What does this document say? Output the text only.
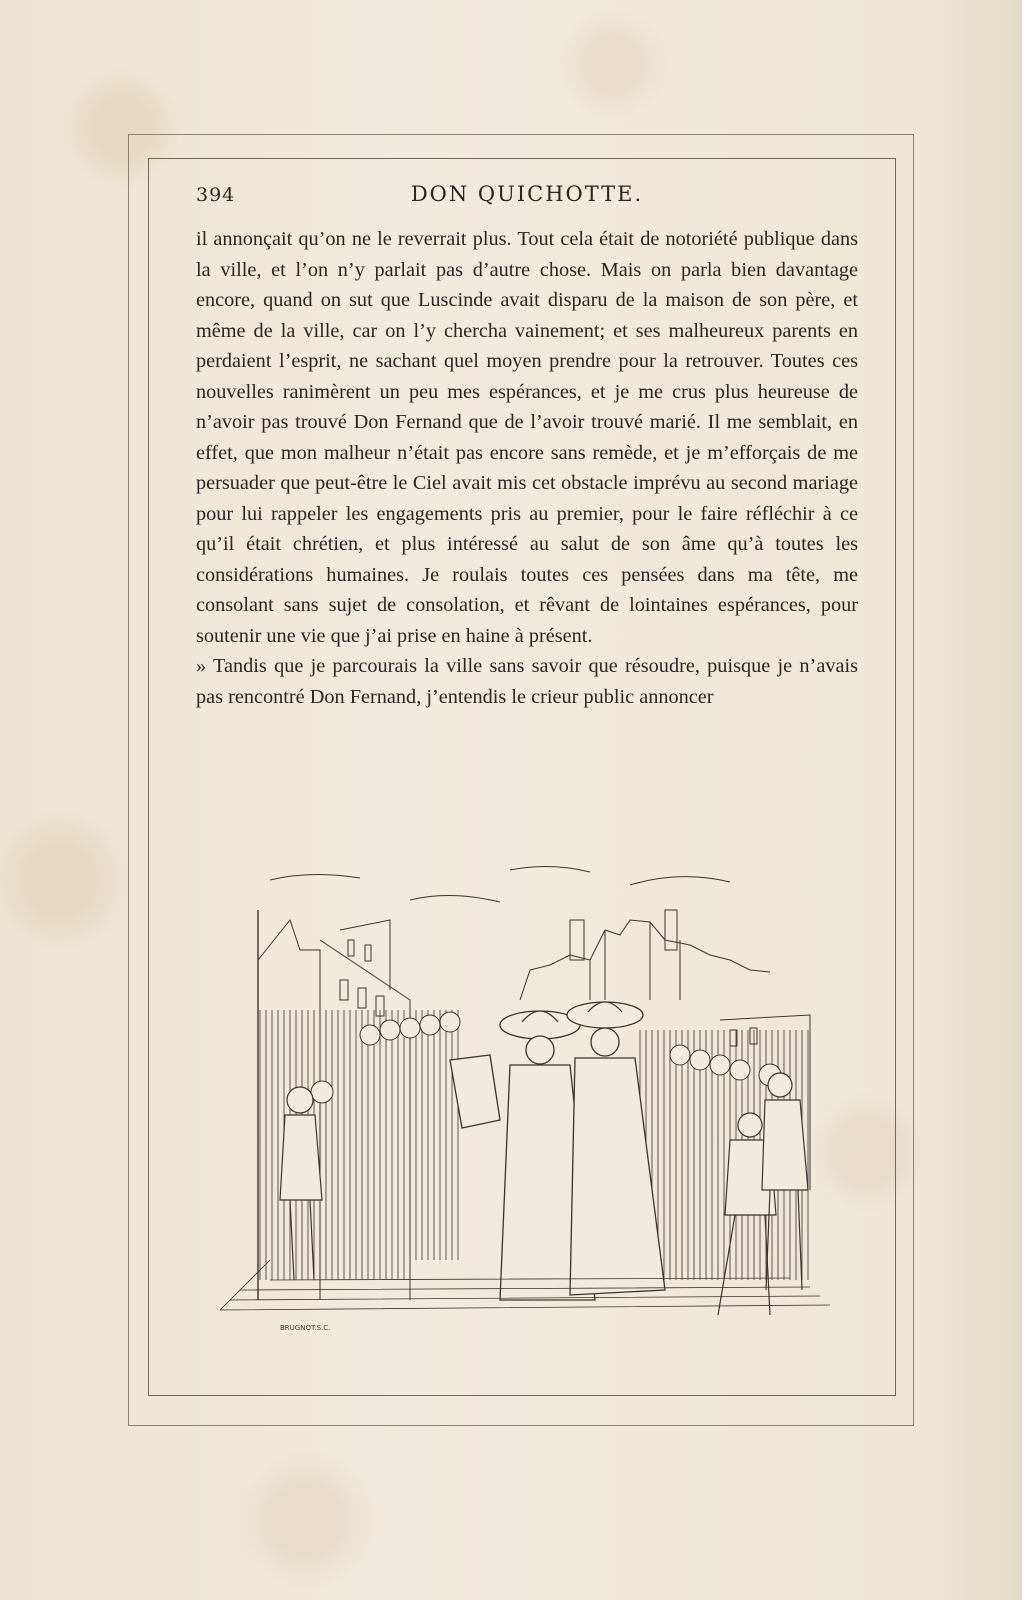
394	DON QUICHOTTE.

il annonçait qu’on ne le reverrait plus. Tout cela était de notoriété publique dans la ville, et l’on n’y parlait pas d’autre chose. Mais on parla bien davantage encore, quand on sut que Luscinde avait disparu de la maison de son père, et même de la ville, car on l’y chercha vainement; et ses malheureux parents en perdaient l’esprit, ne sachant quel moyen prendre pour la retrouver. Toutes ces nouvelles ranimèrent un peu mes espérances, et je me crus plus heureuse de n’avoir pas trouvé Don Fernand que de l’avoir trouvé marié. Il me semblait, en effet, que mon malheur n’était pas encore sans remède, et je m’efforçais de me persuader que peut-être le Ciel avait mis cet obstacle imprévu au second mariage pour lui rappeler les engagements pris au premier, pour le faire réfléchir à ce qu’il était chrétien, et plus intéressé au salut de son âme qu’à toutes les considérations humaines. Je roulais toutes ces pensées dans ma tête, me consolant sans sujet de consolation, et rêvant de lointaines espérances, pour soutenir une vie que j’ai prise en haine à présent.

» Tandis que je parcourais la ville sans savoir que résoudre, puisque je n’avais pas rencontré Don Fernand, j’entendis le crieur public annoncer

BRUGNOT.S.C.
